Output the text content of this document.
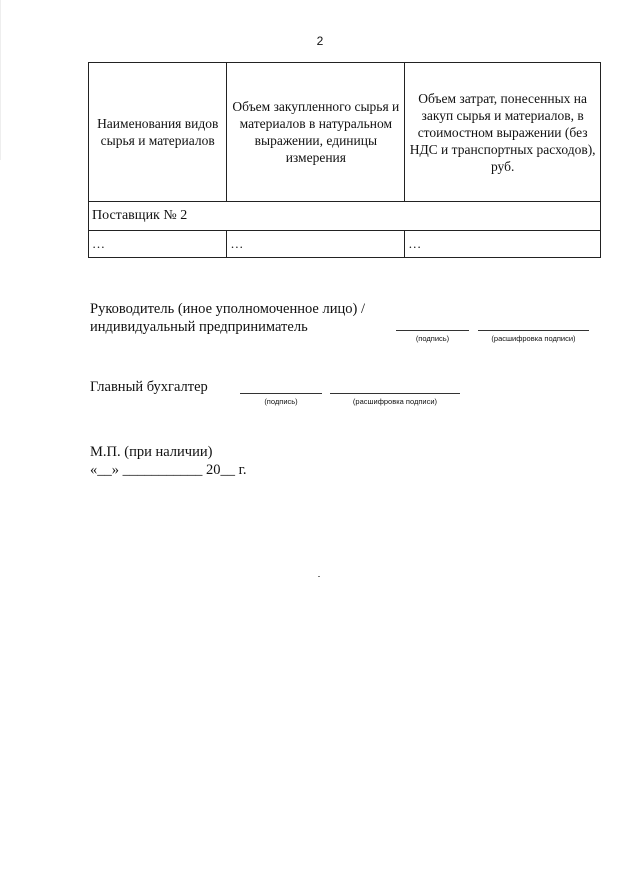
2
Наименования видов сырья и материалов	Объем закупленного сырья и материалов в натуральном выражении, единицы измерения	Объем затрат, понесенных на закуп сырья и материалов, в стоимостном выражении (без НДС и транспортных расходов), руб.
Поставщик № 2		
…	…	…
Руководитель (иное уполномоченное лицо) /
индивидуальный предприниматель
(подпись)	(расшифровка подписи)
Главный бухгалтер
(подпись)	(расшифровка подписи)
М.П. (при наличии)
«__» ___________ 20__ г.
